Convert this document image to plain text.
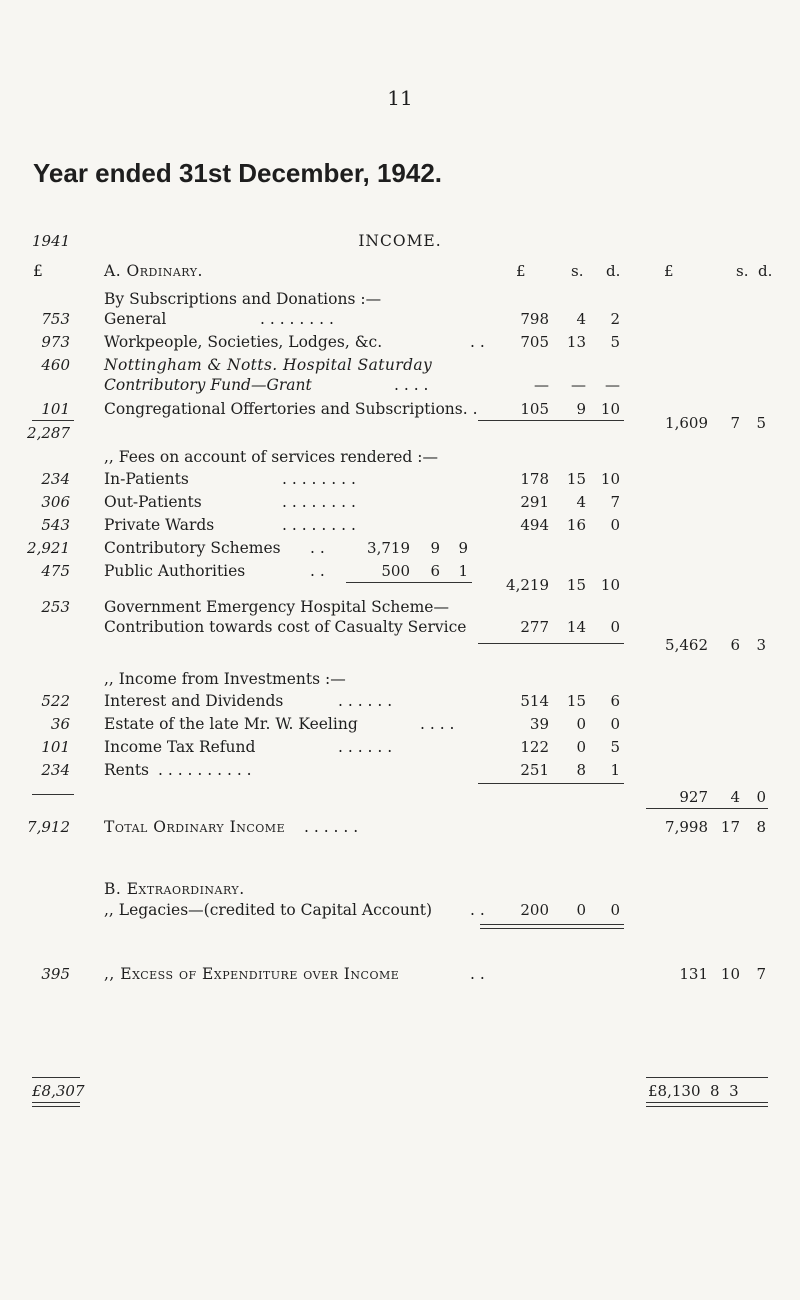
11
Year ended 31st December, 1942.
INCOME.
1941
£	A. Ordinary.	£	s. d.	£	s. d.
By Subscriptions and Donations :—
753 General	. . . . . . . .	798	4	2
973 Workpeople, Societies, Lodges, &c.	. .	705	13	5
460 Nottingham & Notts. Hospital Saturday
Contributory Fund—Grant	. . . .	—	—	—
101 Congregational Offertories and Subscriptions. .	105	9 10
1,609	7	5
2,287
,, Fees on account of services rendered :—
234 In-Patients	. . . . . . . .	178	15 10
306 Out-Patients	. . . . . . . .	291	4	7
543 Private Wards	. . . . . . . .	494	16	0
2,921 Contributory Schemes . .	3,719	9	9
475 Public Authorities	. .	500	6	1
4,219	15 10
253 Government Emergency Hospital Scheme—
Contribution towards cost of Casualty Service	277	14	0
5,462	6	3
,, Income from Investments :—
522 Interest and Dividends	. . . . . .	514	15	6
36 Estate of the late Mr. W. Keeling	. . . .	39	0	0
101 Income Tax Refund	. . . . . .	122	0	5
234 Rents . . . . . . . . . .	251	8	1
927	4	0
7,912 Total Ordinary Income . . . . . .	7,998 17	8
B. Extraordinary.
,, Legacies—(credited to Capital Account) . .	200	0	0
395 ,, Excess of Expenditure over Income	. .	131 10	7
£8,307	£8,130  8  3
